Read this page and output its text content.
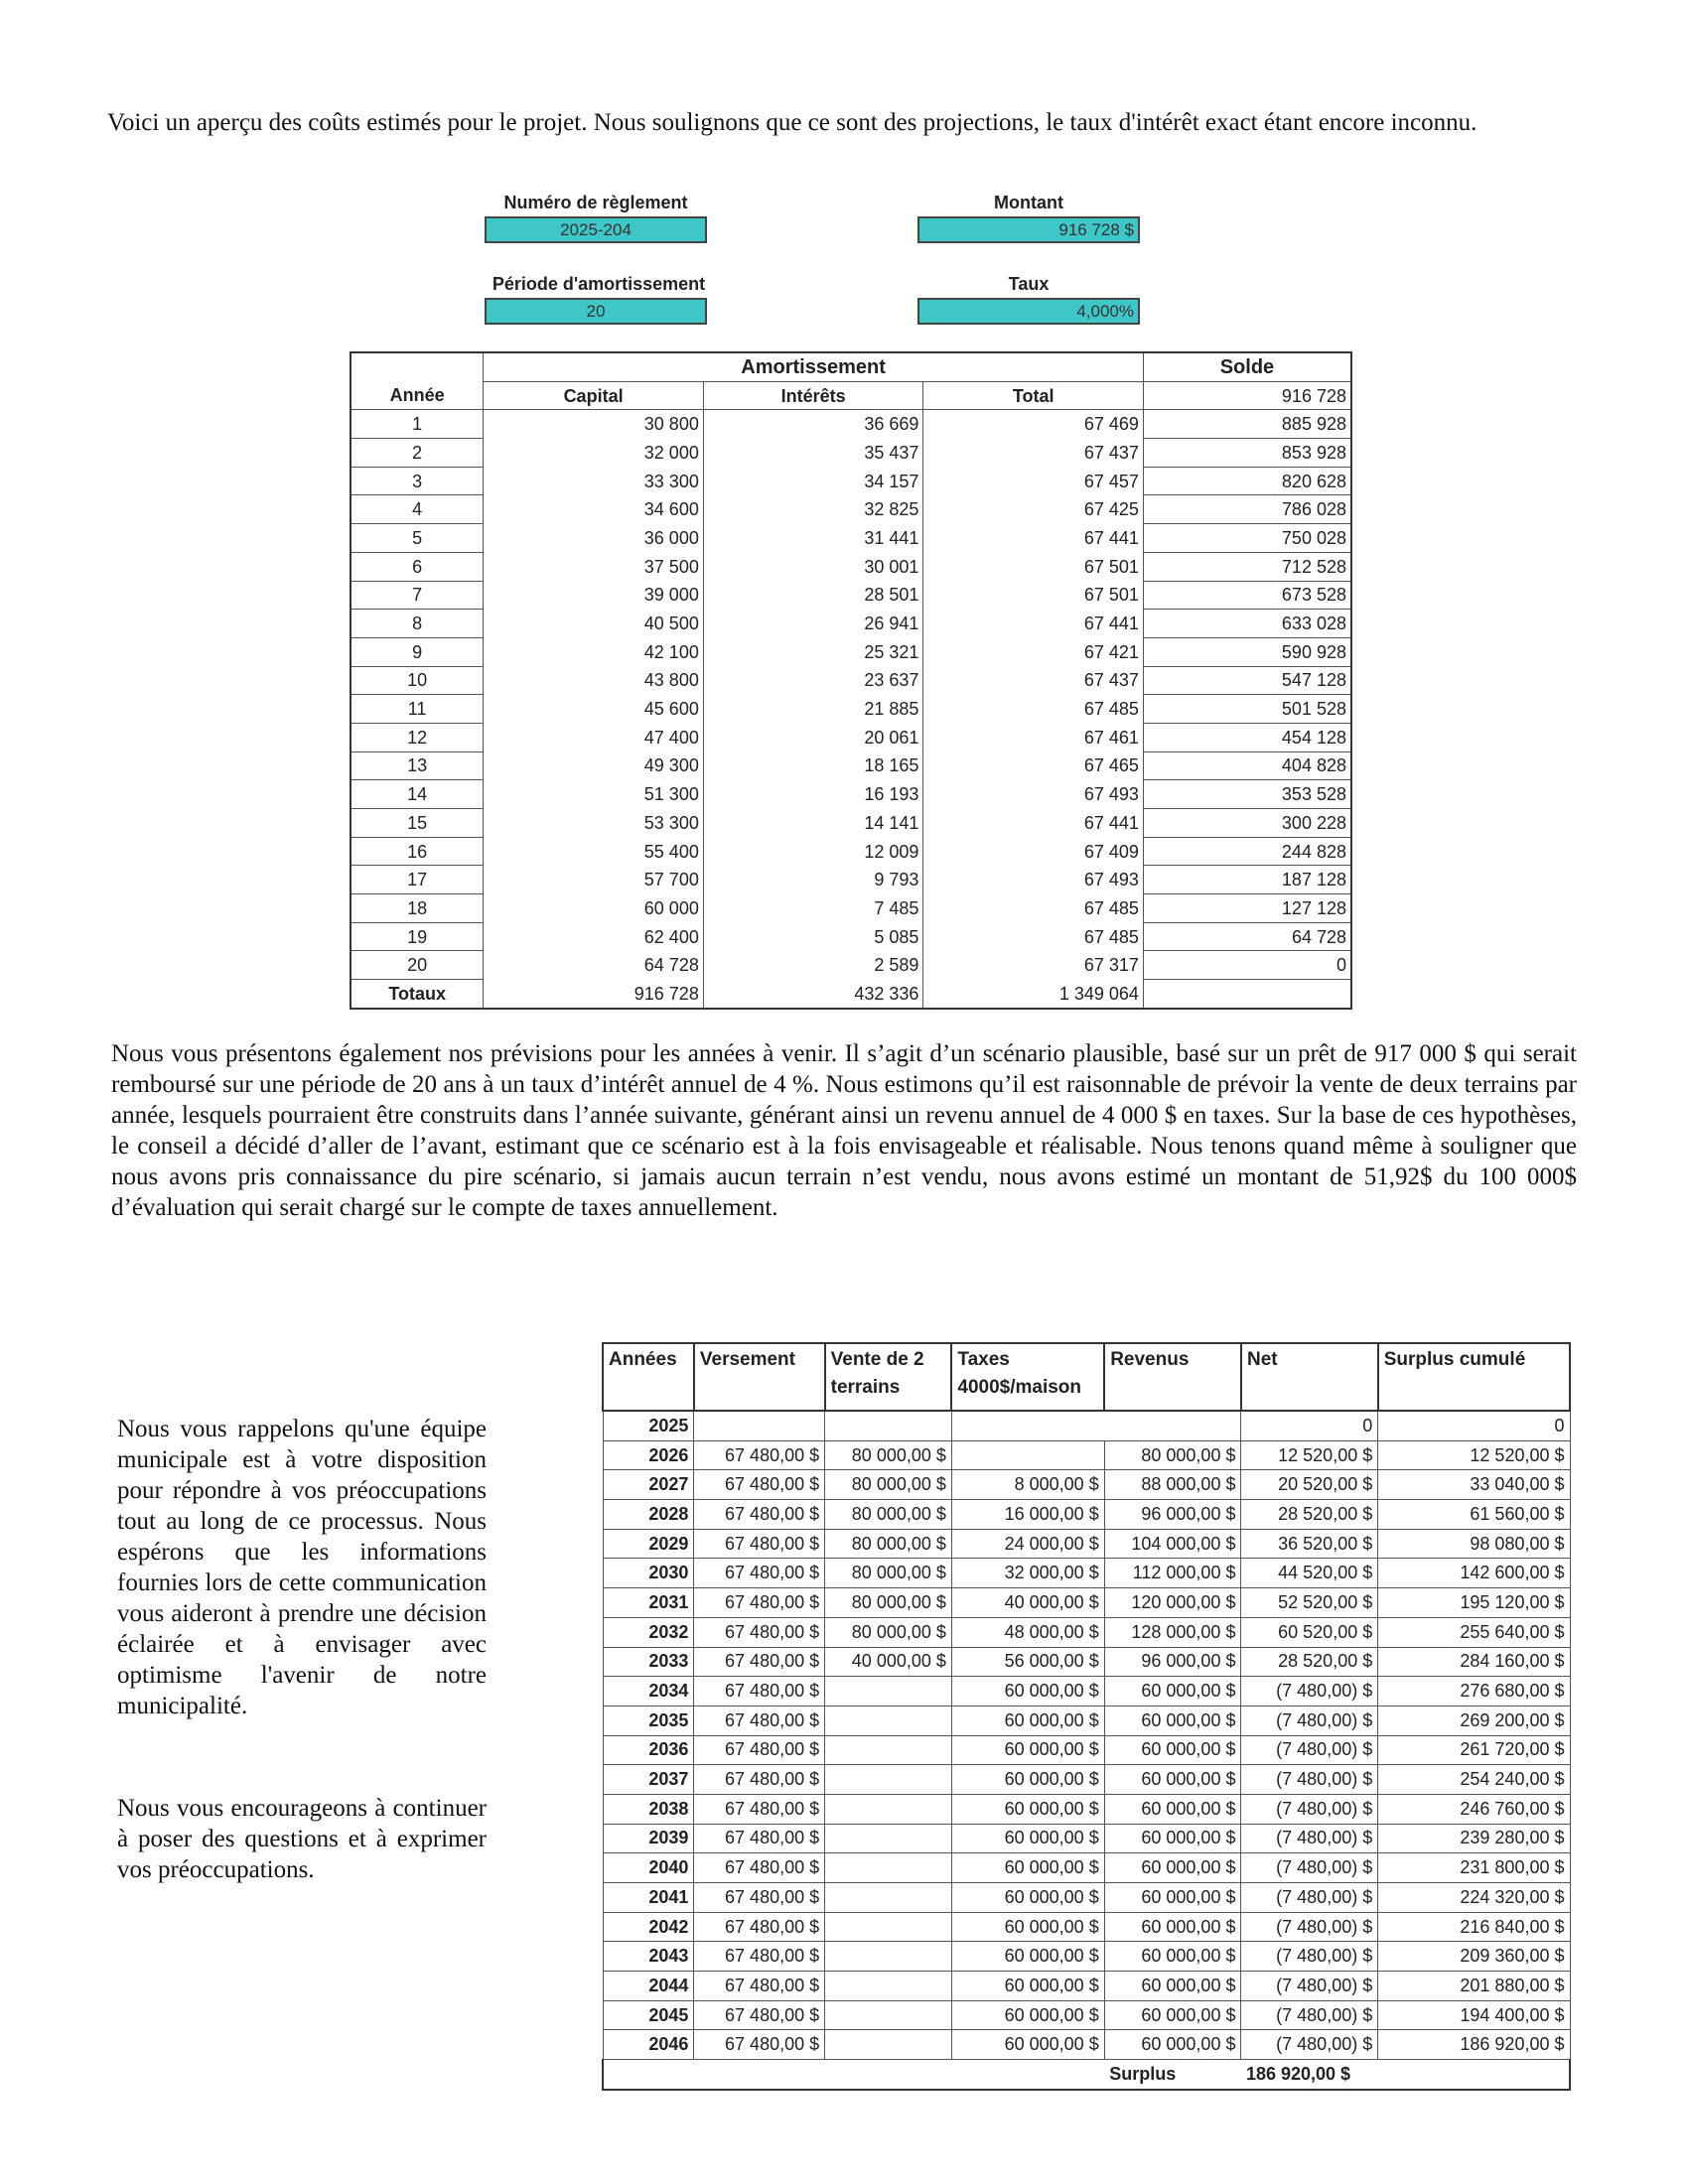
Voici un aperçu des coûts estimés pour le projet. Nous soulignons que ce sont des projections, le taux d'intérêt exact étant encore inconnu.

Numéro de règlement
2025-204
Montant
916 728 $
Période d'amortissement
20
Taux
4,000%
	Amortissement			Solde
Année	Capital	Intérêts	Total	916 728
1	30 800	36 669	67 469	885 928
2	32 000	35 437	67 437	853 928
3	33 300	34 157	67 457	820 628
4	34 600	32 825	67 425	786 028
5	36 000	31 441	67 441	750 028
6	37 500	30 001	67 501	712 528
7	39 000	28 501	67 501	673 528
8	40 500	26 941	67 441	633 028
9	42 100	25 321	67 421	590 928
10	43 800	23 637	67 437	547 128
11	45 600	21 885	67 485	501 528
12	47 400	20 061	67 461	454 128
13	49 300	18 165	67 465	404 828
14	51 300	16 193	67 493	353 528
15	53 300	14 141	67 441	300 228
16	55 400	12 009	67 409	244 828
17	57 700	9 793	67 493	187 128
18	60 000	7 485	67 485	127 128
19	62 400	5 085	67 485	64 728
20	64 728	2 589	67 317	0
Totaux	916 728	432 336	1 349 064	

Nous vous présentons également nos prévisions pour les années à venir. Il s’agit d’un scénario plausible, basé sur un prêt de 917 000 $ qui serait remboursé sur une période de 20 ans à un taux d’intérêt annuel de 4 %. Nous estimons qu’il est raisonnable de prévoir la vente de deux terrains par année, lesquels pourraient être construits dans l’année suivante, générant ainsi un revenu annuel de 4 000 $ en taxes. Sur la base de ces hypothèses, le conseil a décidé d’aller de l’avant, estimant que ce scénario est à la fois envisageable et réalisable. Nous tenons quand même à souligner que nous avons pris connaissance du pire scénario, si jamais aucun terrain n’est vendu, nous avons estimé un montant de 51,92$ du 100 000$ d’évaluation qui serait chargé sur le compte de taxes annuellement.

Nous vous rappelons qu'une équipe municipale est à votre disposition pour répondre à vos préoccupations tout au long de ce processus. Nous espérons que les informations fournies lors de cette communication vous aideront à prendre une décision éclairée et à envisager avec optimisme l'avenir de notre municipalité.

Nous vous encourageons à continuer à poser des questions et à exprimer vos préoccupations.

Années	Versement	Vente de 2 terrains	Taxes 4000$/maison	Revenus	Net	Surplus cumulé
2025					0	0
2026	67 480,00 $	80 000,00 $		80 000,00 $	12 520,00 $	12 520,00 $
2027	67 480,00 $	80 000,00 $	8 000,00 $	88 000,00 $	20 520,00 $	33 040,00 $
2028	67 480,00 $	80 000,00 $	16 000,00 $	96 000,00 $	28 520,00 $	61 560,00 $
2029	67 480,00 $	80 000,00 $	24 000,00 $	104 000,00 $	36 520,00 $	98 080,00 $
2030	67 480,00 $	80 000,00 $	32 000,00 $	112 000,00 $	44 520,00 $	142 600,00 $
2031	67 480,00 $	80 000,00 $	40 000,00 $	120 000,00 $	52 520,00 $	195 120,00 $
2032	67 480,00 $	80 000,00 $	48 000,00 $	128 000,00 $	60 520,00 $	255 640,00 $
2033	67 480,00 $	40 000,00 $	56 000,00 $	96 000,00 $	28 520,00 $	284 160,00 $
2034	67 480,00 $		60 000,00 $	60 000,00 $	(7 480,00) $	276 680,00 $
2035	67 480,00 $		60 000,00 $	60 000,00 $	(7 480,00) $	269 200,00 $
2036	67 480,00 $		60 000,00 $	60 000,00 $	(7 480,00) $	261 720,00 $
2037	67 480,00 $		60 000,00 $	60 000,00 $	(7 480,00) $	254 240,00 $
2038	67 480,00 $		60 000,00 $	60 000,00 $	(7 480,00) $	246 760,00 $
2039	67 480,00 $		60 000,00 $	60 000,00 $	(7 480,00) $	239 280,00 $
2040	67 480,00 $		60 000,00 $	60 000,00 $	(7 480,00) $	231 800,00 $
2041	67 480,00 $		60 000,00 $	60 000,00 $	(7 480,00) $	224 320,00 $
2042	67 480,00 $		60 000,00 $	60 000,00 $	(7 480,00) $	216 840,00 $
2043	67 480,00 $		60 000,00 $	60 000,00 $	(7 480,00) $	209 360,00 $
2044	67 480,00 $		60 000,00 $	60 000,00 $	(7 480,00) $	201 880,00 $
2045	67 480,00 $		60 000,00 $	60 000,00 $	(7 480,00) $	194 400,00 $
2046	67 480,00 $		60 000,00 $	60 000,00 $	(7 480,00) $	186 920,00 $
				Surplus	186 920,00 $	
